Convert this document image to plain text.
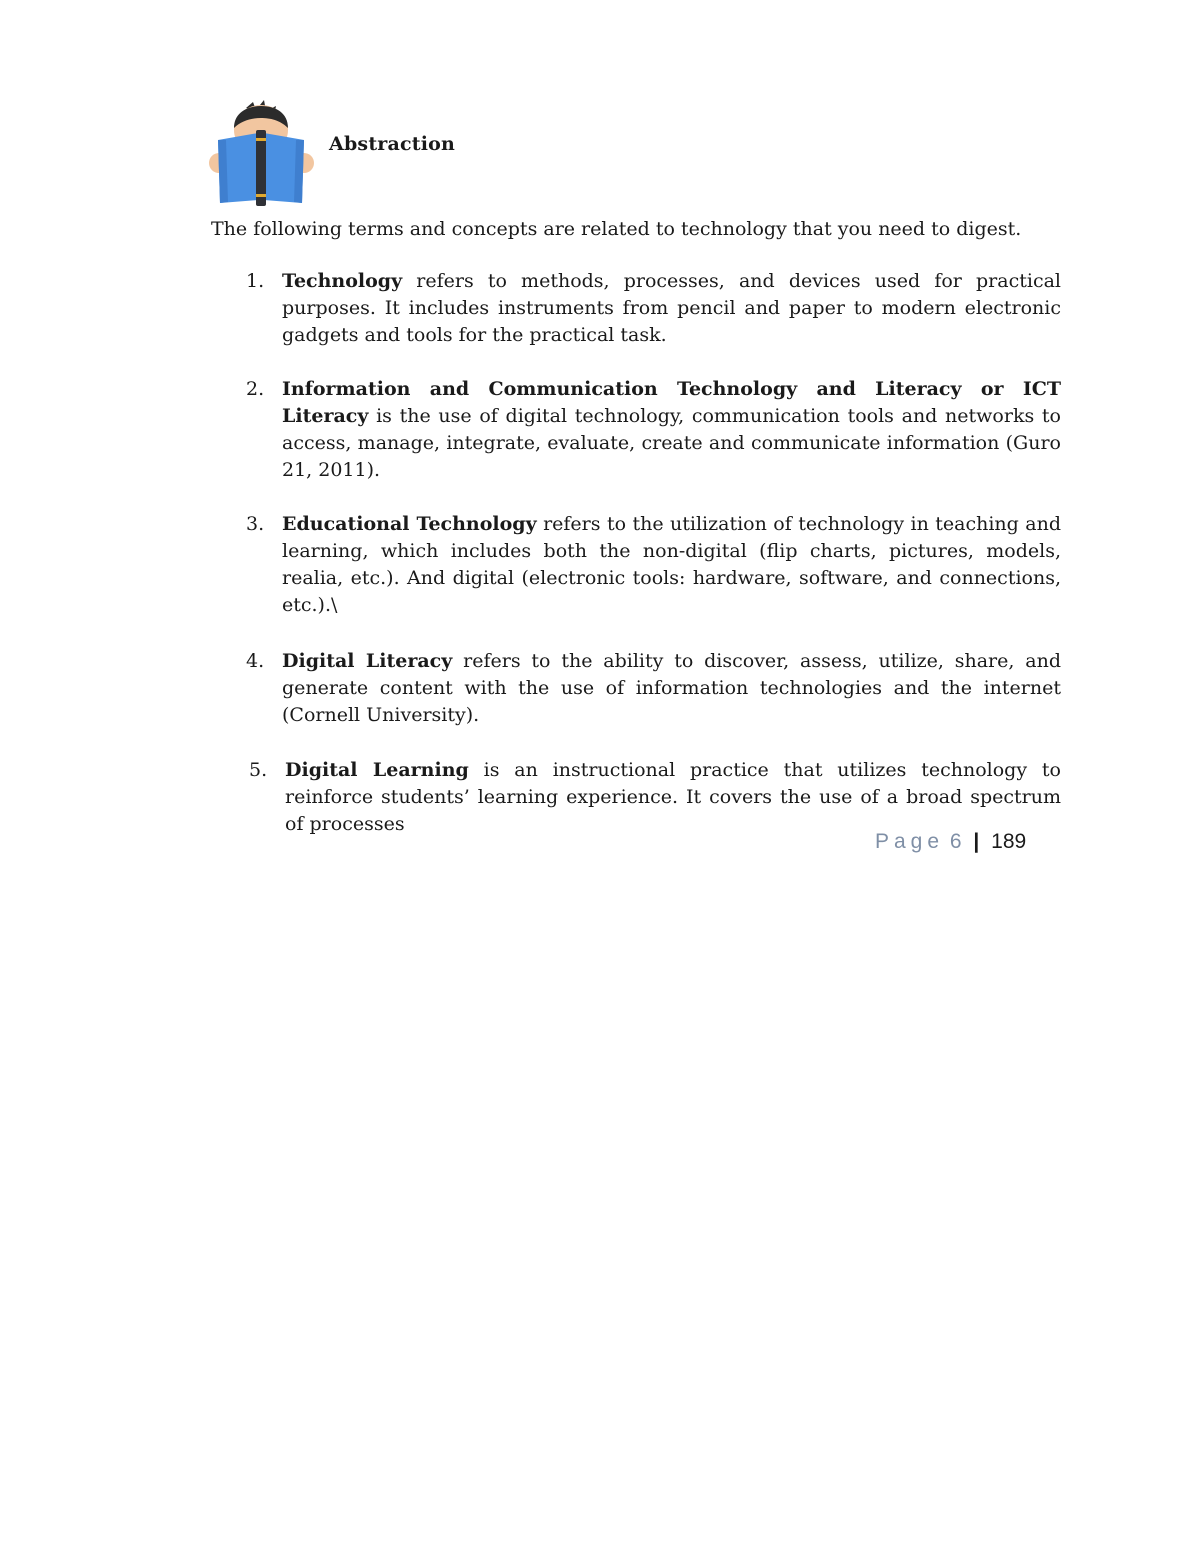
Abstraction

The following terms and concepts are related to technology that you need to digest.

1. Technology refers to methods, processes, and devices used for practical purposes. It includes instruments from pencil and paper to modern electronic gadgets and tools for the practical task.
2. Information and Communication Technology and Literacy or ICT Literacy is the use of digital technology, communication tools and networks to access, manage, integrate, evaluate, create and communicate information (Guro 21, 2011).
3. Educational Technology refers to the utilization of technology in teaching and learning, which includes both the non-digital (flip charts, pictures, models, realia, etc.). And digital (electronic tools: hardware, software, and connections, etc.).\
4. Digital Literacy refers to the ability to discover, assess, utilize, share, and generate content with the use of information technologies and the internet (Cornell University).
5. Digital Learning is an instructional practice that utilizes technology to reinforce students’ learning experience. It covers the use of a broad spectrum of processes
Page 6 | 189
